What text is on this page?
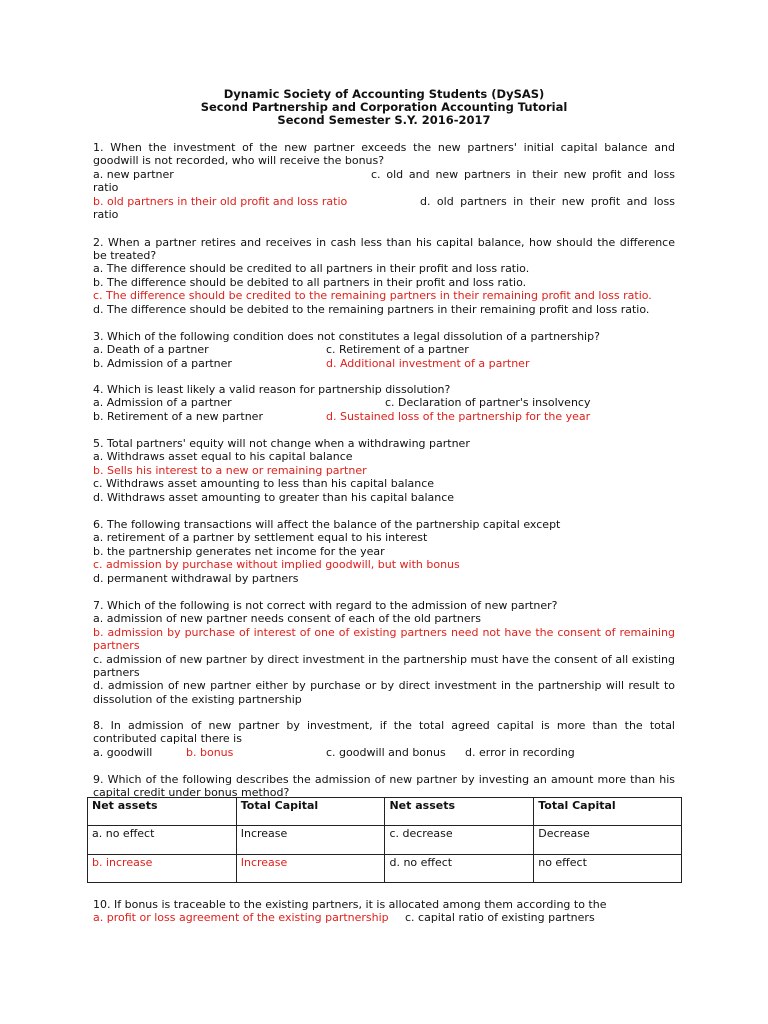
Dynamic Society of Accounting Students (DySAS)
Second Partnership and Corporation Accounting Tutorial
Second Semester S.Y. 2016-2017
1. When the investment of the new partner exceeds the new partners' initial capital balance and
goodwill is not recorded, who will receive the bonus?
a. new partner	c. old and new partners in their new profit and loss
ratio
b. old partners in their old profit and loss ratio	d. old partners in their new profit and loss
ratio
2. When a partner retires and receives in cash less than his capital balance, how should the difference
be treated?
a. The difference should be credited to all partners in their profit and loss ratio.
b. The difference should be debited to all partners in their profit and loss ratio.
c. The difference should be credited to the remaining partners in their remaining profit and loss ratio.
d. The difference should be debited to the remaining partners in their remaining profit and loss ratio.
3. Which of the following condition does not constitutes a legal dissolution of a partnership?
a. Death of a partner	c. Retirement of a partner
b. Admission of a partner	d. Additional investment of a partner
4. Which is least likely a valid reason for partnership dissolution?
a. Admission of a partner	c. Declaration of partner's insolvency
b. Retirement of a new partner	d. Sustained loss of the partnership for the year
5. Total partners' equity will not change when a withdrawing partner
a. Withdraws asset equal to his capital balance
b. Sells his interest to a new or remaining partner
c. Withdraws asset amounting to less than his capital balance
d. Withdraws asset amounting to greater than his capital balance
6. The following transactions will affect the balance of the partnership capital except
a. retirement of a partner by settlement equal to his interest
b. the partnership generates net income for the year
c. admission by purchase without implied goodwill, but with bonus
d. permanent withdrawal by partners
7. Which of the following is not correct with regard to the admission of new partner?
a. admission of new partner needs consent of each of the old partners
b. admission by purchase of interest of one of existing partners need not have the consent of remaining
partners
c. admission of new partner by direct investment in the partnership must have the consent of all existing
partners
d. admission of new partner either by purchase or by direct investment in the partnership will result to
dissolution of the existing partnership
8. In admission of new partner by investment, if the total agreed capital is more than the total
contributed capital there is
a. goodwill	b. bonus	c. goodwill and bonus d. error in recording
9. Which of the following describes the admission of new partner by investing an amount more than his
capital credit under bonus method?
Net assets	Total Capital	Net assets	Total Capital
a. no effect	Increase	c. decrease	Decrease
b. increase	Increase	d. no effect	no effect
10. If bonus is traceable to the existing partners, it is allocated among them according to the
a. profit or loss agreement of the existing partnership c. capital ratio of existing partners
